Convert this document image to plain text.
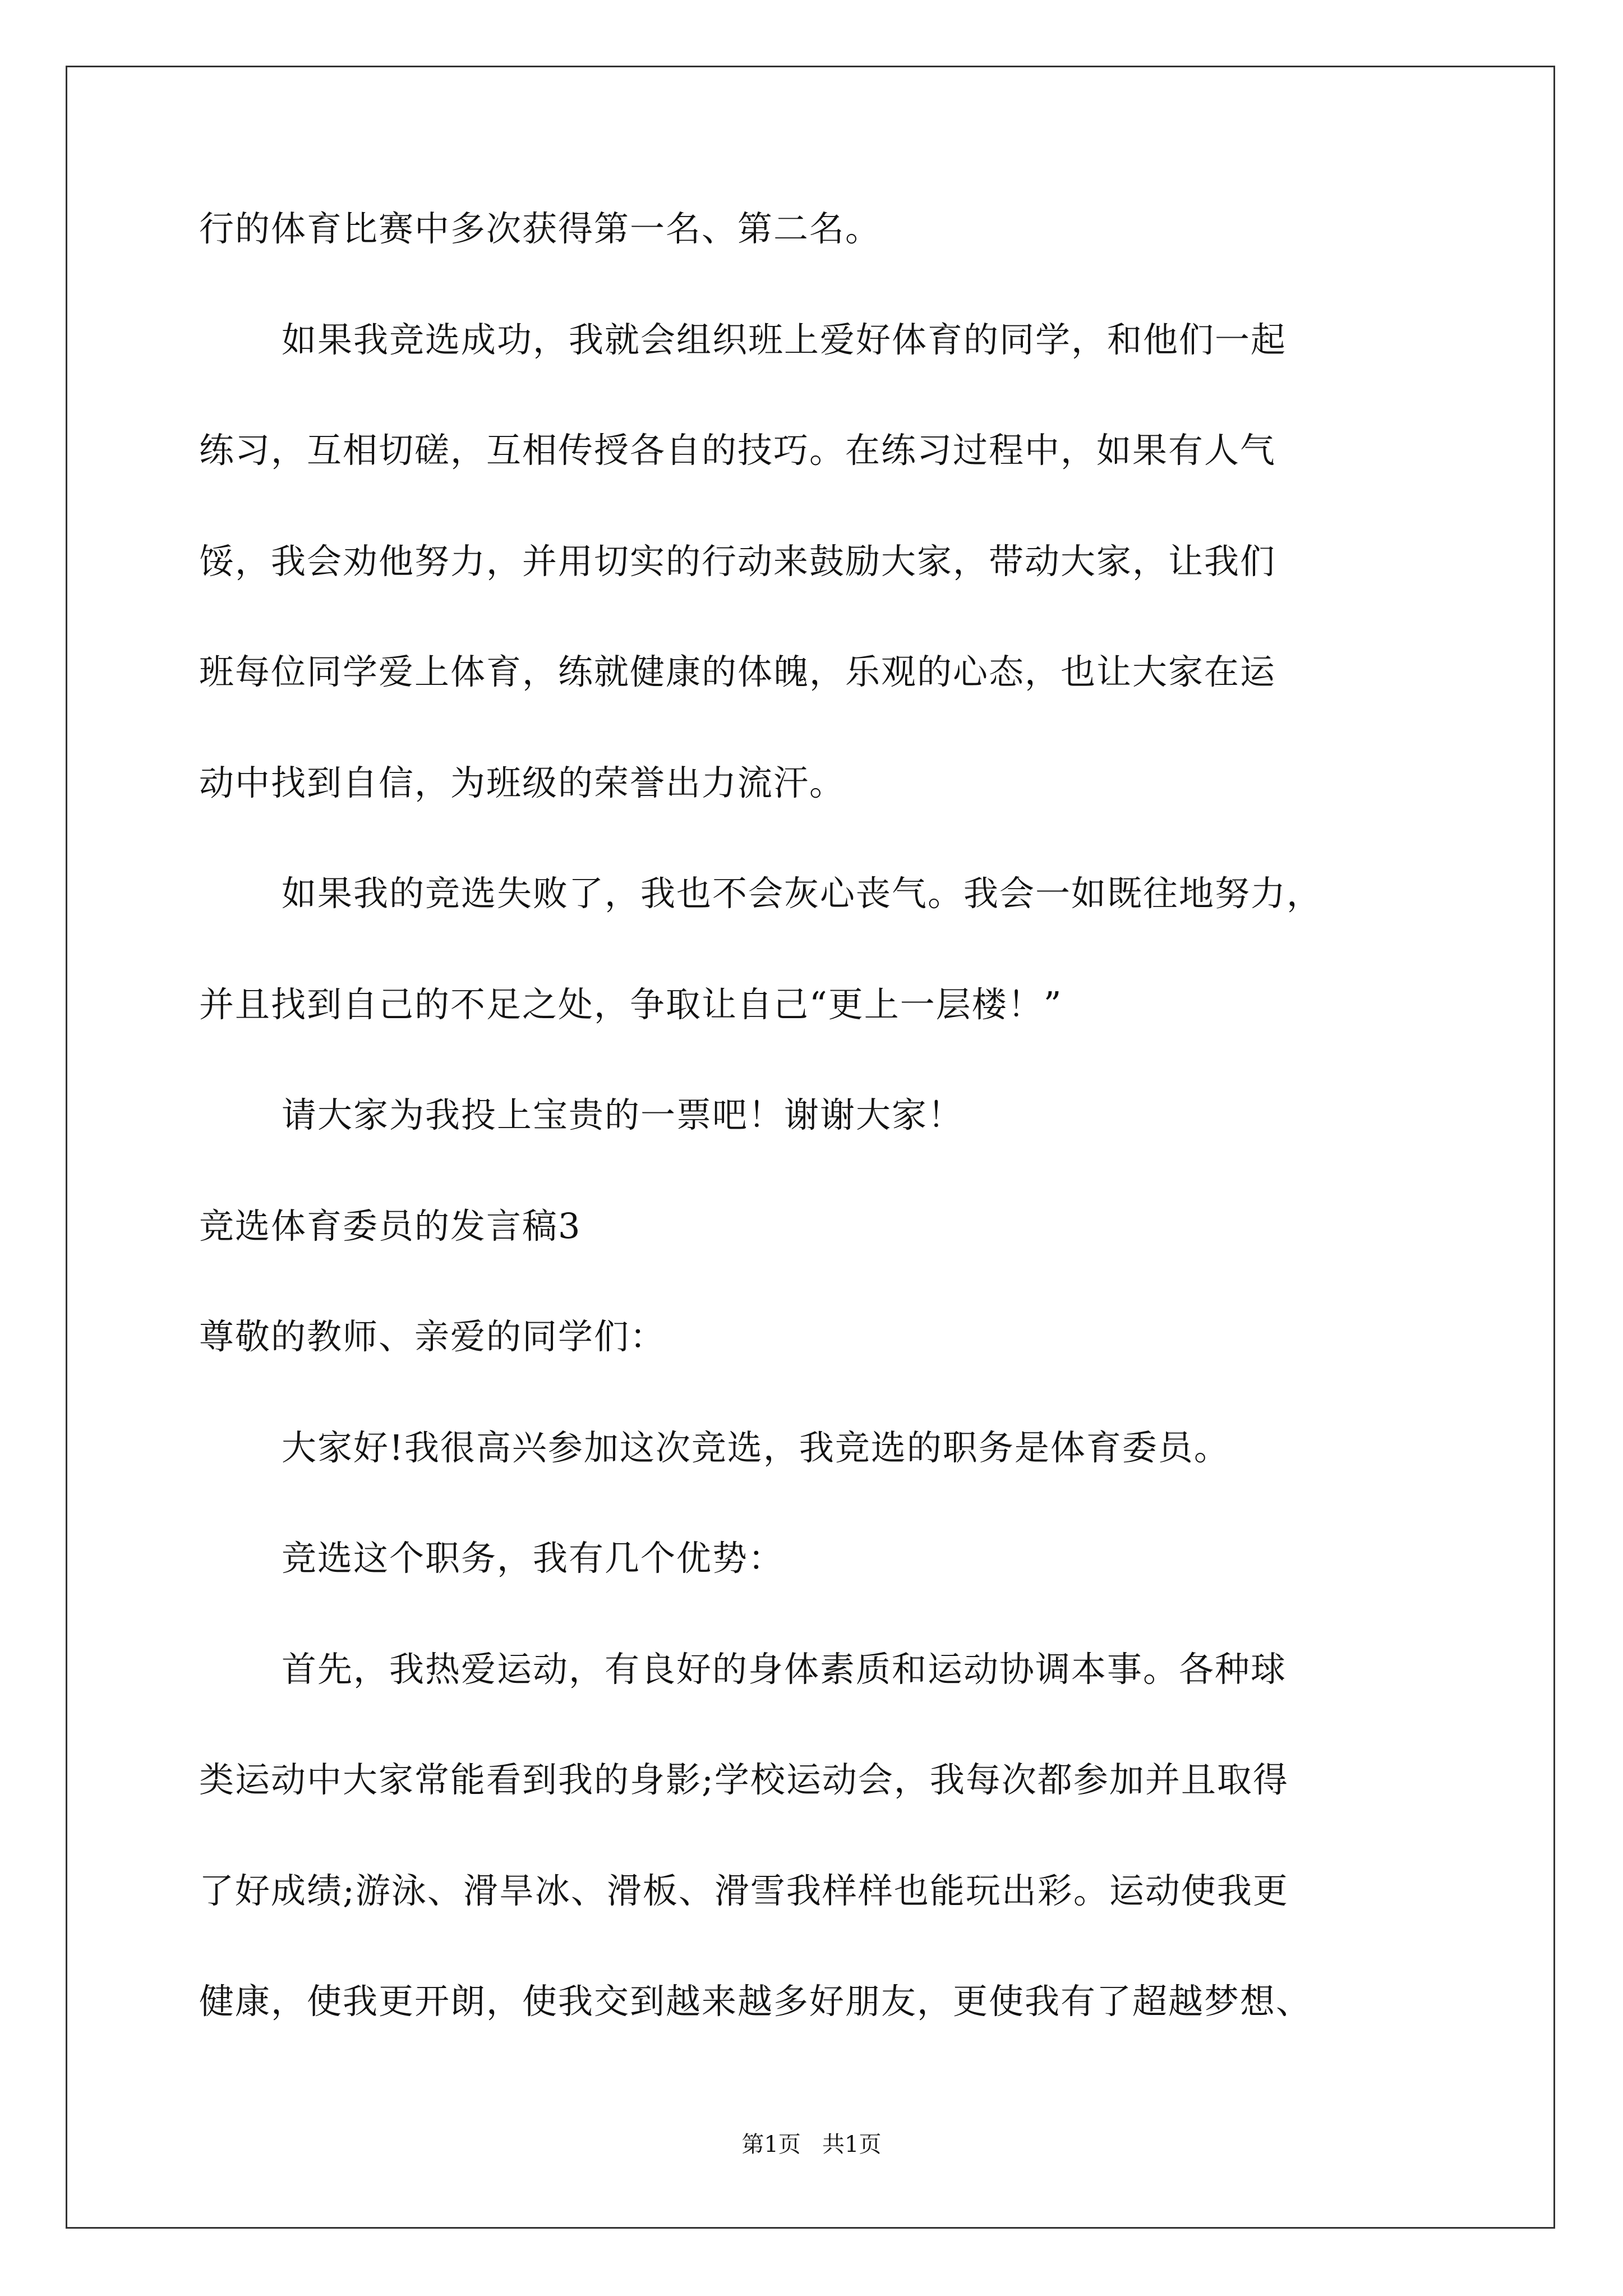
行的体育比赛中多次获得第一名、第二名。
如果我竞选成功，我就会组织班上爱好体育的同学，和他们一起
练习，互相切磋，互相传授各自的技巧。在练习过程中，如果有人气
馁，我会劝他努力，并用切实的行动来鼓励大家，带动大家，让我们
班每位同学爱上体育，练就健康的体魄，乐观的心态，也让大家在运
动中找到自信，为班级的荣誉出力流汗。
如果我的竞选失败了，我也不会灰心丧气。我会一如既往地努力，
并且找到自己的不足之处，争取让自己“更上一层楼！”
请大家为我投上宝贵的一票吧！谢谢大家！
竞选体育委员的发言稿3
尊敬的教师、亲爱的同学们：
大家好!我很高兴参加这次竞选，我竞选的职务是体育委员。
竞选这个职务，我有几个优势：
首先，我热爱运动，有良好的身体素质和运动协调本事。各种球
类运动中大家常能看到我的身影;学校运动会，我每次都参加并且取得
了好成绩;游泳、滑旱冰、滑板、滑雪我样样也能玩出彩。运动使我更
健康，使我更开朗，使我交到越来越多好朋友，更使我有了超越梦想、
第1页   共1页
